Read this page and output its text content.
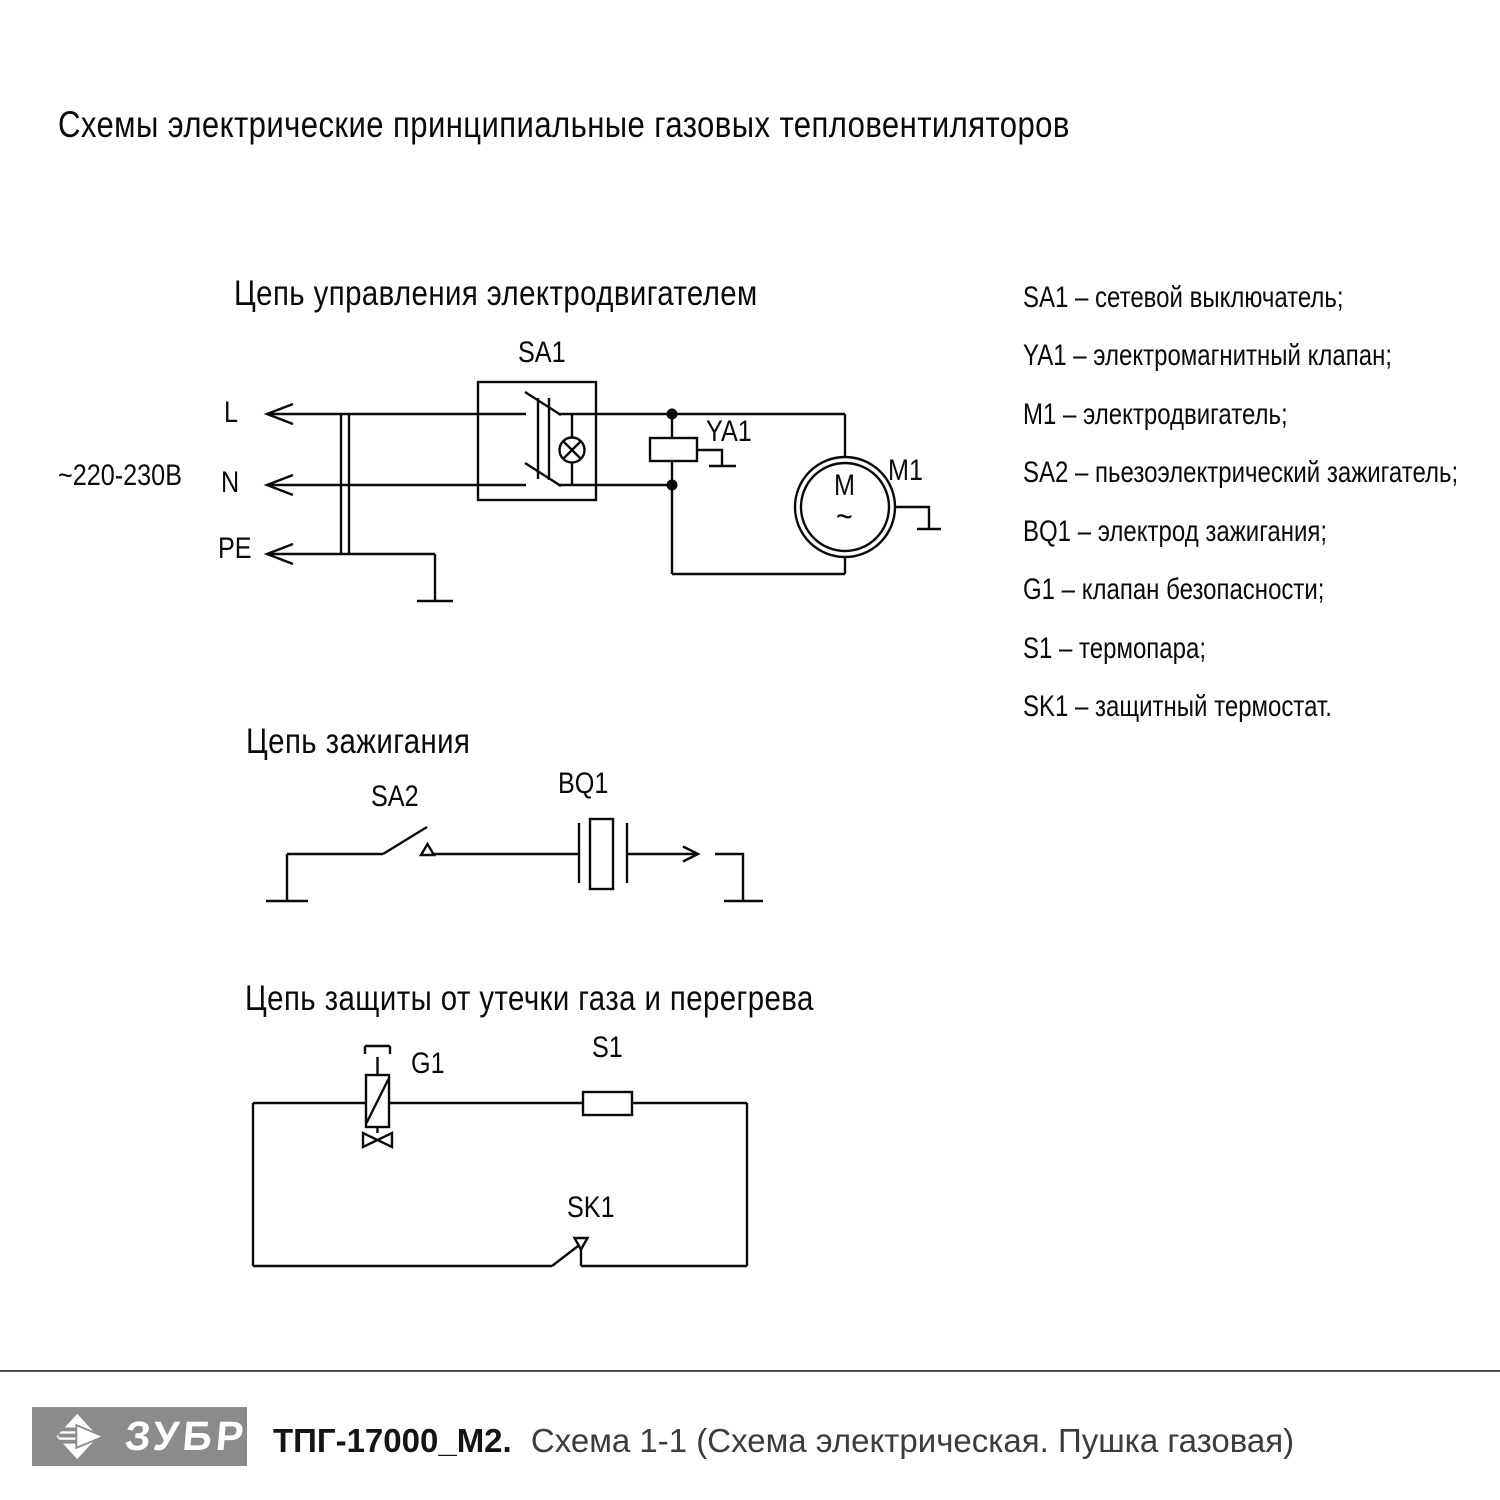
Схемы электрические принципиальные газовых тепловентиляторов
Цепь управления электродвигателем
~220-230В
L
N
PE
SA1
YA1
M1
M
~
Цепь зажигания
SA2	BQ1
Цепь защиты от утечки газа и перегрева
G1	S1
SK1
SA1 – сетевой выключатель;
YA1 – электромагнитный клапан;
M1 – электродвигатель;
SA2 – пьезоэлектрический зажигатель;
BQ1 – электрод зажигания;
G1 – клапан безопасности;
S1 – термопара;
SK1 – защитный термостат.
ЗУБР ТПГ-17000_М2. Схема 1-1 (Схема электрическая. Пушка газовая)
